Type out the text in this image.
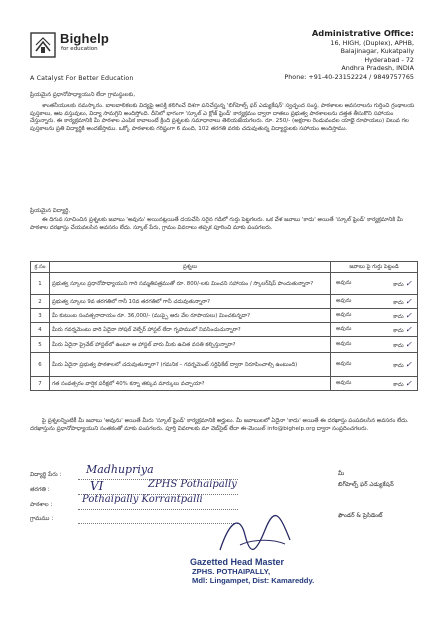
Bighelp
for education
A Catalyst For Better Education
Administrative Office:
16, HIGH, (Duplex), APHB,
Balajinagar, Kukatpally
Hyderabad - 72
Andhra Pradesh, INDIA
Phone: +91-40-23152224 / 9849757765
ప్రియమైన ప్రధానోపాధ్యాయుని లేదా గ్రామస్థులకు,
శాంతనీయులకు నమస్కారం. బాలబాలికలకు విద్యపై ఆసక్తి కలిగించే దిశగా పనిచేస్తున్న 'బిగ్‌హెల్ప్ ఫర్ ఎడ్యుకేషన్' స్వచ్ఛంద సంస్థ, పాఠశాలల అవసరాలను గుర్తించి గ్రంథాలయ పుస్తకాలు, ఆట వస్తువులు, విద్యా సామగ్రిని అందిస్తోంది. దీనిలో భాగంగా 'స్కూల్ ఎ క్లోజ్ ఫ్రెండ్' కార్యక్రమం ద్వారా దాతలు ప్రభుత్వ పాఠశాలలను దత్తత తీసుకొని సహాయం చేస్తున్నారు. ఈ కార్యక్రమానికి మీ పాఠశాల ఎంపిక కావాలంటే క్రింది ప్రశ్నలకు సమాధానాలు తెలియజేయగలరు. రూ. 250/- (అక్షరాల రెండువందల యాభై రూపాయలు) విలువ గల పుస్తకాలను ప్రతి విద్యార్థికి అందజేస్తాము. ఒక్కో పాఠశాలకు గరిష్టంగా 6 మంది, 102 తరగతి వరకు చదువుతున్న విద్యార్థులకు సహాయం అందిస్తాము.
ప్రియమైన విద్యార్థి,
ఈ దిగువ సూచించిన ప్రశ్నలకు జవాబు 'అవును' అయినట్లయితే దయచేసి సరైన గడిలో గుర్తు పెట్టగలరు. ఒక వేళ జవాబు 'కాదు' అయితే 'స్కూల్ ఫ్రెండ్' కార్యక్రమానికి మీ పాఠశాల దరఖాస్తు చేయవలసిన అవసరం లేదు. స్కూల్ పేరు, గ్రామం వివరాలు తప్పక పూరించి మాకు పంపగలరు.
క్ర.సం	ప్రశ్నలు	జవాబు పై గుర్తు పెట్టండి
1	ప్రభుత్వ స్కూలు ప్రధానోపాధ్యాయుని గారి సమ్మతిపత్రముతో రూ. 800/-లకు మించని సహాయం / స్కాలర్‌షిప్‌ పొందుతున్నారా?	అవును కాదు ✓

2	ప్రభుత్వ స్కూలు 9వ తరగతిలో గానీ 10వ తరగతిలో గానీ చదువుతున్నారా?	అవును కాదు ✓

3	మీ కుటుంబ సంవత్సరాదాయం రూ. 36,000/- (ముప్పై ఆరు వేల రూపాయలు) మించకున్నదా?	అవును కాదు ✓

4	మీరు గవర్నమెంటు వారి ఏదైనా సోషల్ వెల్ఫేర్ హాస్టల్ లేదా గృహములో నివసించుచున్నారా?	అవును కాదు ✓

5	మీరు ఏదైనా ప్రైవేట్ హాస్టల్‌లో ఉంటూ ఆ హాస్టల్ వారు మీకు ఉచిత వసతి కల్పిస్తున్నారా?	అవును కాదు ✓

6	మీరు ఏదైనా ప్రభుత్వ పాఠశాలలో చదువుతున్నారా? (గమనిక – గవర్నమెంట్ సర్టిఫికేట్ ద్వారా నిరూపించాల్సి ఉంటుంది)	అవును కాదు ✓

7	గత సంవత్సరం వార్షిక పరీక్షలో 40% కన్నా తక్కువ మార్కులు వచ్చాయా?	అవును కాదు ✓
పై ప్రశ్నలన్నింటికీ మీ జవాబు 'అవును' అయితే మీరు 'స్కూల్ ఫ్రెండ్' కార్యక్రమానికి అర్హులు. మీ జవాబులలో ఏదైనా 'కాదు' అయితే ఈ దరఖాస్తు పంపవలసిన అవసరం లేదు. దరఖాస్తును ప్రధానోపాధ్యాయుని సంతకంతో మాకు పంపగలరు. పూర్తి వివరాలకు మా వెబ్‌సైట్ లేదా ఈ-మెయిల్ info@bighelp.org ద్వారా సంప్రదించగలరు.
విద్యార్థి పేరు : Madhupriya
తరగతి :	VI	ZPHS Pothaipally
పాఠశాల :	Pothaipally Korrantpalli
గ్రామము :
మీ
బిగ్‌హెల్ప్ ఫర్ ఎడ్యుకేషన్
ఫౌండర్ & ప్రెసిడెంట్
Gazetted Head Master
ZPHS. POTHAIPALLY,
Mdl: Lingampet, Dist: Kamareddy.
